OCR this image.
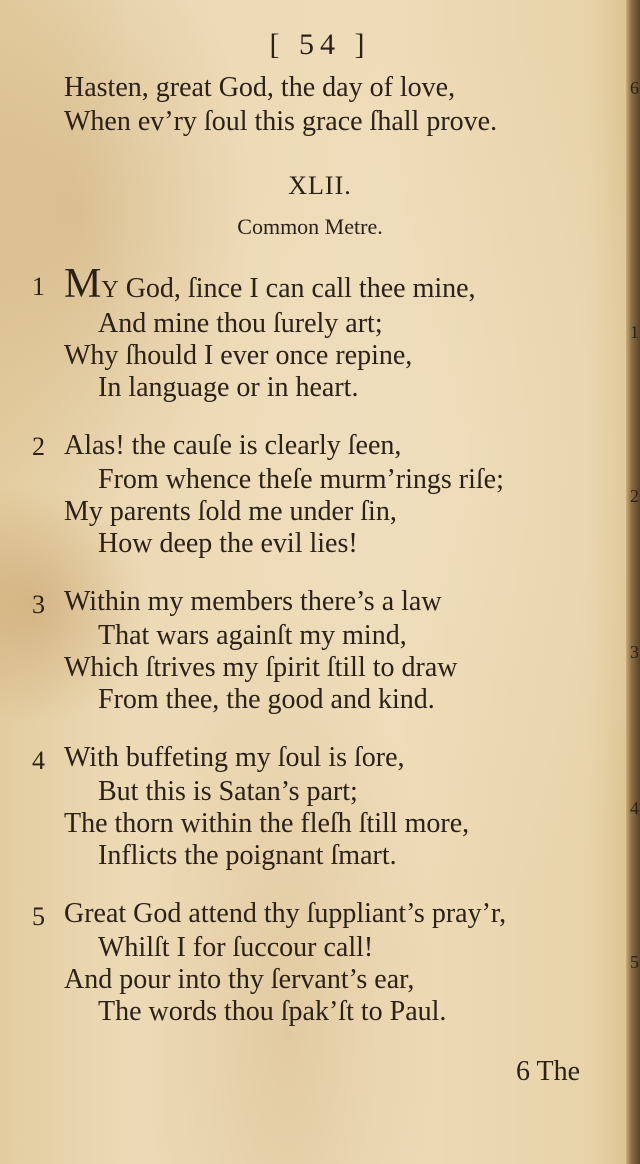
6
1
2
3
4
5
[ 54 ]
Hasten, great God, the day of love,
When ev’ry ſoul this grace ſhall prove.
XLII.
Common Metre.
1 MY God, ſince I can call thee mine,
And mine thou ſurely art;
Why ſhould I ever once repine,
In language or in heart.
2 Alas! the cauſe is clearly ſeen,
From whence theſe murm’rings riſe;
My parents ſold me under ſin,
How deep the evil lies!
3 Within my members there’s a law
That wars againſt my mind,
Which ſtrives my ſpirit ſtill to draw
From thee, the good and kind.
4 With buffeting my ſoul is ſore,
But this is Satan’s part;
The thorn within the fleſh ſtill more,
Inflicts the poignant ſmart.
5 Great God attend thy ſuppliant’s pray’r,
Whilſt I for ſuccour call!
And pour into thy ſervant’s ear,
The words thou ſpak’ſt to Paul.
6 The
